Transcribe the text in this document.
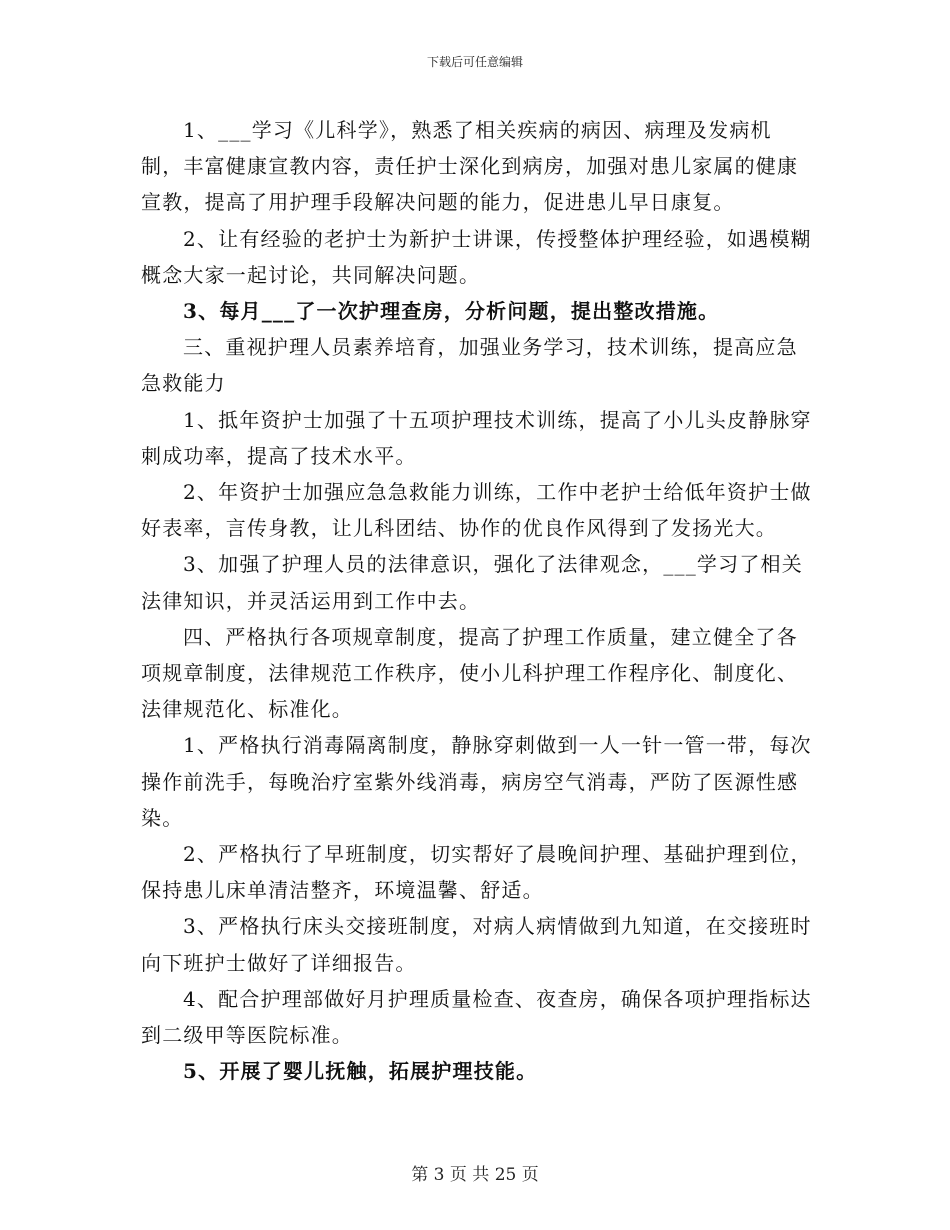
下载后可任意编辑

1、___学习《儿科学》，熟悉了相关疾病的病因、病理及发病机制，丰富健康宣教内容，责任护士深化到病房，加强对患儿家属的健康宣教，提高了用护理手段解决问题的能力，促进患儿早日康复。

2、让有经验的老护士为新护士讲课，传授整体护理经验，如遇模糊概念大家一起讨论，共同解决问题。

3、每月___了一次护理查房，分析问题，提出整改措施。

三、重视护理人员素养培育，加强业务学习，技术训练，提高应急急救能力

1、抵年资护士加强了十五项护理技术训练，提高了小儿头皮静脉穿刺成功率，提高了技术水平。

2、年资护士加强应急急救能力训练，工作中老护士给低年资护士做好表率，言传身教，让儿科团结、协作的优良作风得到了发扬光大。

3、加强了护理人员的法律意识，强化了法律观念，___学习了相关法律知识，并灵活运用到工作中去。

四、严格执行各项规章制度，提高了护理工作质量，建立健全了各项规章制度，法律规范工作秩序，使小儿科护理工作程序化、制度化、法律规范化、标准化。

1、严格执行消毒隔离制度，静脉穿刺做到一人一针一管一带，每次操作前洗手，每晚治疗室紫外线消毒，病房空气消毒，严防了医源性感染。

2、严格执行了早班制度，切实帮好了晨晚间护理、基础护理到位，保持患儿床单清洁整齐，环境温馨、舒适。

3、严格执行床头交接班制度，对病人病情做到九知道，在交接班时向下班护士做好了详细报告。

4、配合护理部做好月护理质量检查、夜查房，确保各项护理指标达到二级甲等医院标准。

5、开展了婴儿抚触，拓展护理技能。

第 3 页 共 25 页
